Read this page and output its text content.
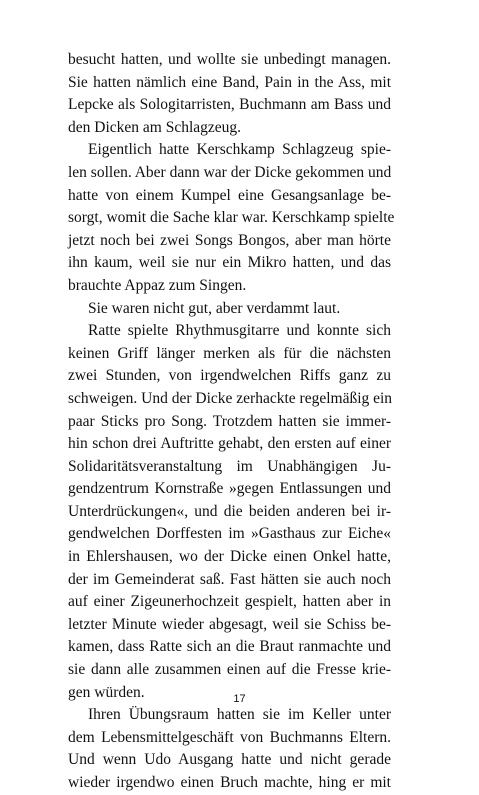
besucht hatten, und wollte sie unbedingt managen.
Sie hatten nämlich eine Band, Pain in the Ass, mit
Lepcke als Sologitarristen, Buchmann am Bass und
den Dicken am Schlagzeug.
Eigentlich hatte Kerschkamp Schlagzeug spie-
len sollen. Aber dann war der Dicke gekommen und
hatte von einem Kumpel eine Gesangsanlage be-
sorgt, womit die Sache klar war. Kerschkamp spielte
jetzt noch bei zwei Songs Bongos, aber man hörte
ihn kaum, weil sie nur ein Mikro hatten, und das
brauchte Appaz zum Singen.
Sie waren nicht gut, aber verdammt laut.
Ratte spielte Rhythmusgitarre und konnte sich
keinen Griff länger merken als für die nächsten
zwei Stunden, von irgendwelchen Riffs ganz zu
schweigen. Und der Dicke zerhackte regelmäßig ein
paar Sticks pro Song. Trotzdem hatten sie immer-
hin schon drei Auftritte gehabt, den ersten auf einer
Solidaritätsveranstaltung im Unabhängigen Ju-
gendzentrum Kornstraße »gegen Entlassungen und
Unterdrückungen«, und die beiden anderen bei ir-
gendwelchen Dorffesten im »Gasthaus zur Eiche«
in Ehlershausen, wo der Dicke einen Onkel hatte,
der im Gemeinderat saß. Fast hätten sie auch noch
auf einer Zigeunerhochzeit gespielt, hatten aber in
letzter Minute wieder abgesagt, weil sie Schiss be-
kamen, dass Ratte sich an die Braut ranmachte und
sie dann alle zusammen einen auf die Fresse krie-
gen würden.
Ihren Übungsraum hatten sie im Keller unter
dem Lebensmittelgeschäft von Buchmanns Eltern.
Und wenn Udo Ausgang hatte und nicht gerade
wieder irgendwo einen Bruch machte, hing er mit
17
